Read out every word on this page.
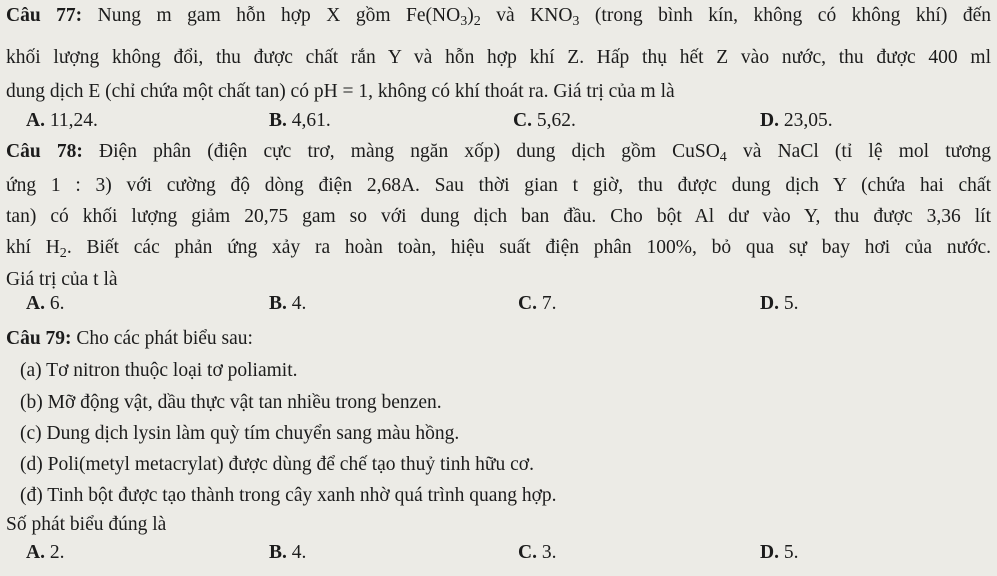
Câu 77: Nung m gam hỗn hợp X gồm $Fe(NO_3)_2$ và $KNO_3$ (trong bình kín, không có không khí) đến
khối lượng không đổi, thu được chất rắn Y và hỗn hợp khí Z. Hấp thụ hết Z vào nước, thu được 400 ml
dung dịch E (chỉ chứa một chất tan) có pH = 1, không có khí thoát ra. Giá trị của m là
A. 11,24.	B. 4,61.	C. 5,62.	D. 23,05.
Câu 78: Điện phân (điện cực trơ, màng ngăn xốp) dung dịch gồm CuSO$_4$ và NaCl (tỉ lệ mol tương
ứng 1 : 3) với cường độ dòng điện 2,68A. Sau thời gian t giờ, thu được dung dịch Y (chứa hai chất
tan) có khối lượng giảm 20,75 gam so với dung dịch ban đầu. Cho bột Al dư vào Y, thu được 3,36 lít
khí $H_2$. Biết các phản ứng xảy ra hoàn toàn, hiệu suất điện phân 100%, bỏ qua sự bay hơi của nước.
Giá trị của t là
A. 6.	B. 4.	C. 7.	D. 5.
Câu 79: Cho các phát biểu sau:
(a) Tơ nitron thuộc loại tơ poliamit.
(b) Mỡ động vật, dầu thực vật tan nhiều trong benzen.
(c) Dung dịch lysin làm quỳ tím chuyển sang màu hồng.
(d) Poli(metyl metacrylat) được dùng để chế tạo thuỷ tinh hữu cơ.
(đ) Tinh bột được tạo thành trong cây xanh nhờ quá trình quang hợp.
Số phát biểu đúng là
A. 2.	B. 4.	C. 3.	D. 5.
